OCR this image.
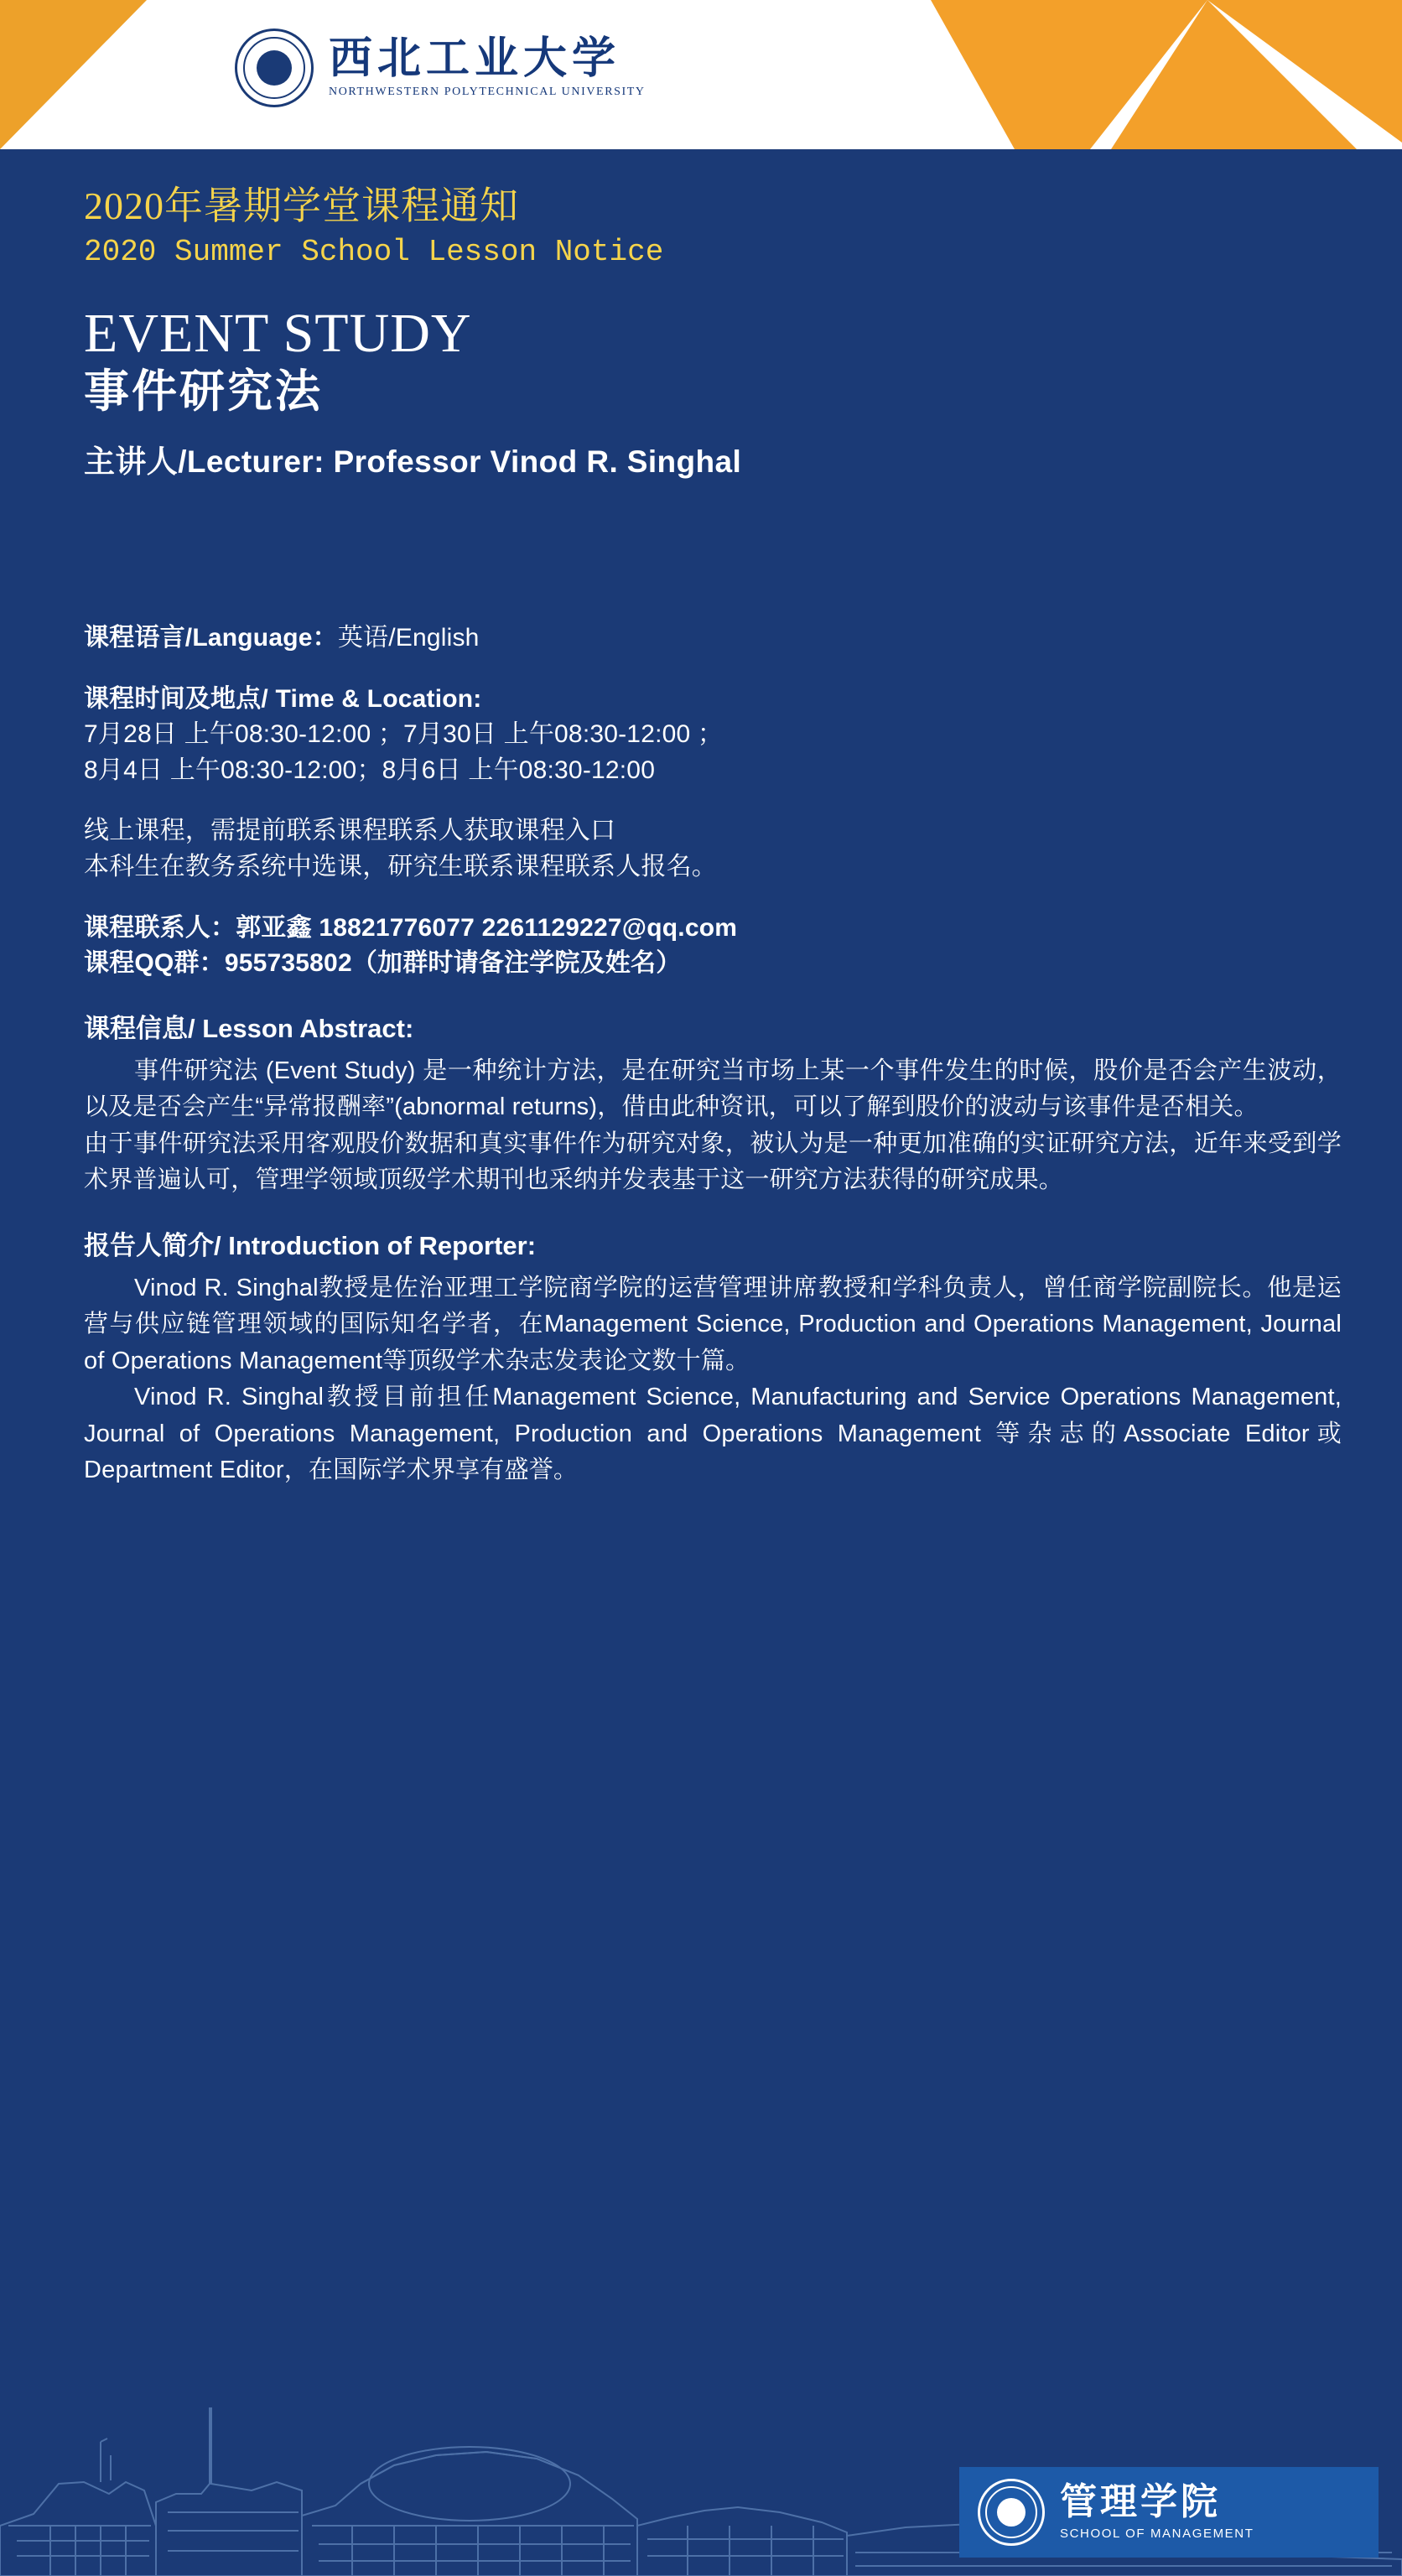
西北工业大学
NORTHWESTERN POLYTECHNICAL UNIVERSITY
2020年暑期学堂课程通知
2020 Summer School Lesson Notice
EVENT STUDY
事件研究法
主讲人/Lecturer: Professor Vinod R. Singhal
课程语言/Language：英语/English
课程时间及地点/ Time & Location:
7月28日 上午08:30-12:00 ；7月30日 上午08:30-12:00 ；
8月4日 上午08:30-12:00；8月6日 上午08:30-12:00
线上课程，需提前联系课程联系人获取课程入口
本科生在教务系统中选课，研究生联系课程联系人报名。
课程联系人：郭亚鑫 18821776077 2261129227@qq.com
课程QQ群：955735802（加群时请备注学院及姓名）
课程信息/ Lesson Abstract:
事件研究法 (Event Study) 是一种统计方法，是在研究当市场上某一个事件发生的时候，股价是否会产生波动，以及是否会产生“异常报酬率”(abnormal returns)，借由此种资讯，可以了解到股价的波动与该事件是否相关。
由于事件研究法采用客观股价数据和真实事件作为研究对象，被认为是一种更加准确的实证研究方法，近年来受到学术界普遍认可，管理学领域顶级学术期刊也采纳并发表基于这一研究方法获得的研究成果。
报告人简介/ Introduction of Reporter:
Vinod R. Singhal教授是佐治亚理工学院商学院的运营管理讲席教授和学科负责人，曾任商学院副院长。他是运营与供应链管理领域的国际知名学者，在Management Science, Production and Operations Management, Journal of Operations Management等顶级学术杂志发表论文数十篇。
Vinod R. Singhal教授目前担任Management Science, Manufacturing and Service Operations Management, Journal of Operations Management, Production and Operations Management 等杂志的Associate Editor或Department Editor，在国际学术界享有盛誉。
管理学院
SCHOOL OF MANAGEMENT
